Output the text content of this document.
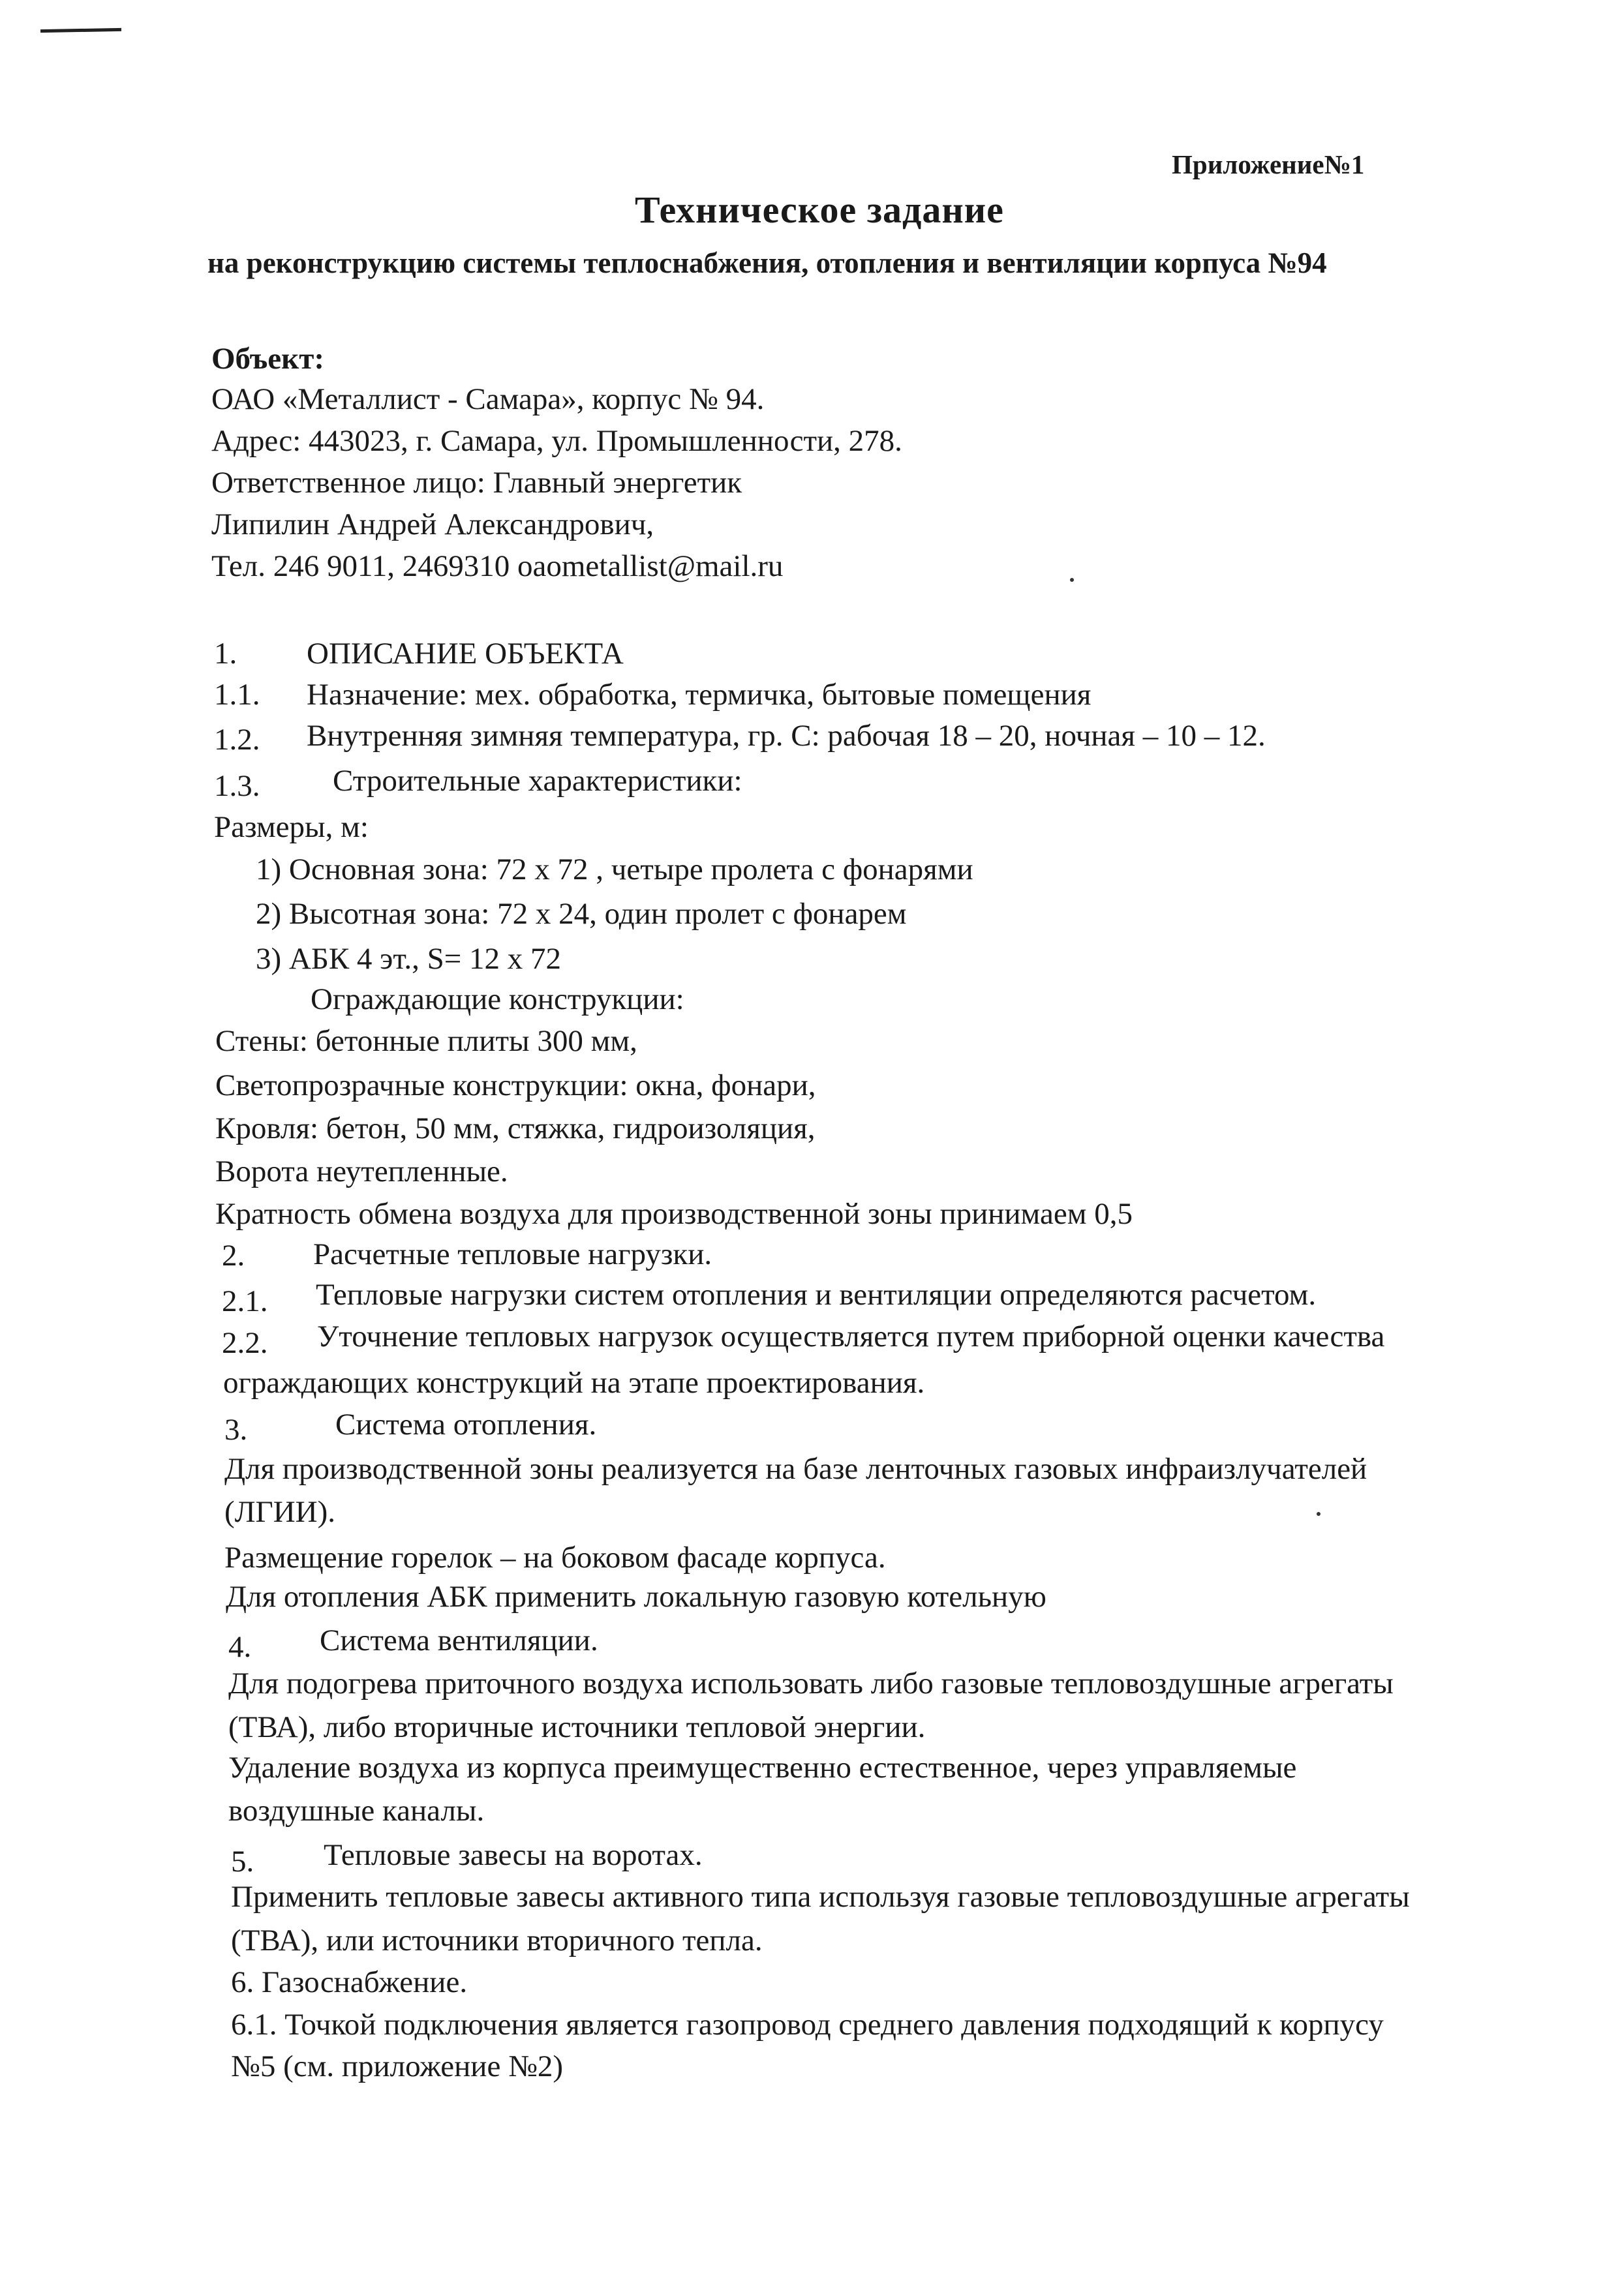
Приложение№1
Техническое задание
на реконструкцию системы теплоснабжения, отопления и вентиляции корпуса №94
Объект:
ОАО «Металлист - Самара», корпус № 94.
Адрес: 443023, г. Самара, ул. Промышленности, 278.
Ответственное лицо: Главный энергетик
Липилин Андрей Александрович,
Тел. 246 9011, 2469310 oaometallist@mail.ru
1. ОПИСАНИЕ ОБЪЕКТА
1.1. Назначение: мех. обработка, термичка, бытовые помещения
1.2. Внутренняя зимняя температура, гр. С: рабочая 18 – 20, ночная – 10 – 12.
1.3. Строительные характеристики:
Размеры, м:
1) Основная зона: 72 х 72 , четыре пролета с фонарями
2) Высотная зона: 72 х 24, один пролет с фонарем
3) АБК 4 эт., S= 12 х 72
Ограждающие конструкции:
Стены: бетонные плиты 300 мм,
Светопрозрачные конструкции: окна, фонари,
Кровля: бетон, 50 мм, стяжка, гидроизоляция,
Ворота неутепленные.
Кратность обмена воздуха для производственной зоны принимаем 0,5
2. Расчетные тепловые нагрузки.
2.1. Тепловые нагрузки систем отопления и вентиляции определяются расчетом.
2.2. Уточнение тепловых нагрузок осуществляется путем приборной оценки качества
ограждающих конструкций на этапе проектирования.
3.	Система отопления.
Для производственной зоны реализуется на базе ленточных газовых инфраизлучателей
(ЛГИИ).
Размещение горелок – на боковом фасаде корпуса.
Для отопления АБК применить локальную газовую котельную
4. Система вентиляции.
Для подогрева приточного воздуха использовать либо газовые тепловоздушные агрегаты
(ТВА), либо вторичные источники тепловой энергии.
Удаление воздуха из корпуса преимущественно естественное, через управляемые
воздушные каналы.
5. Тепловые завесы на воротах.
Применить тепловые завесы активного типа используя газовые тепловоздушные агрегаты
(ТВА), или источники вторичного тепла.
6. Газоснабжение.
6.1. Точкой подключения является газопровод среднего давления подходящий к корпусу
№5 (см. приложение №2)
